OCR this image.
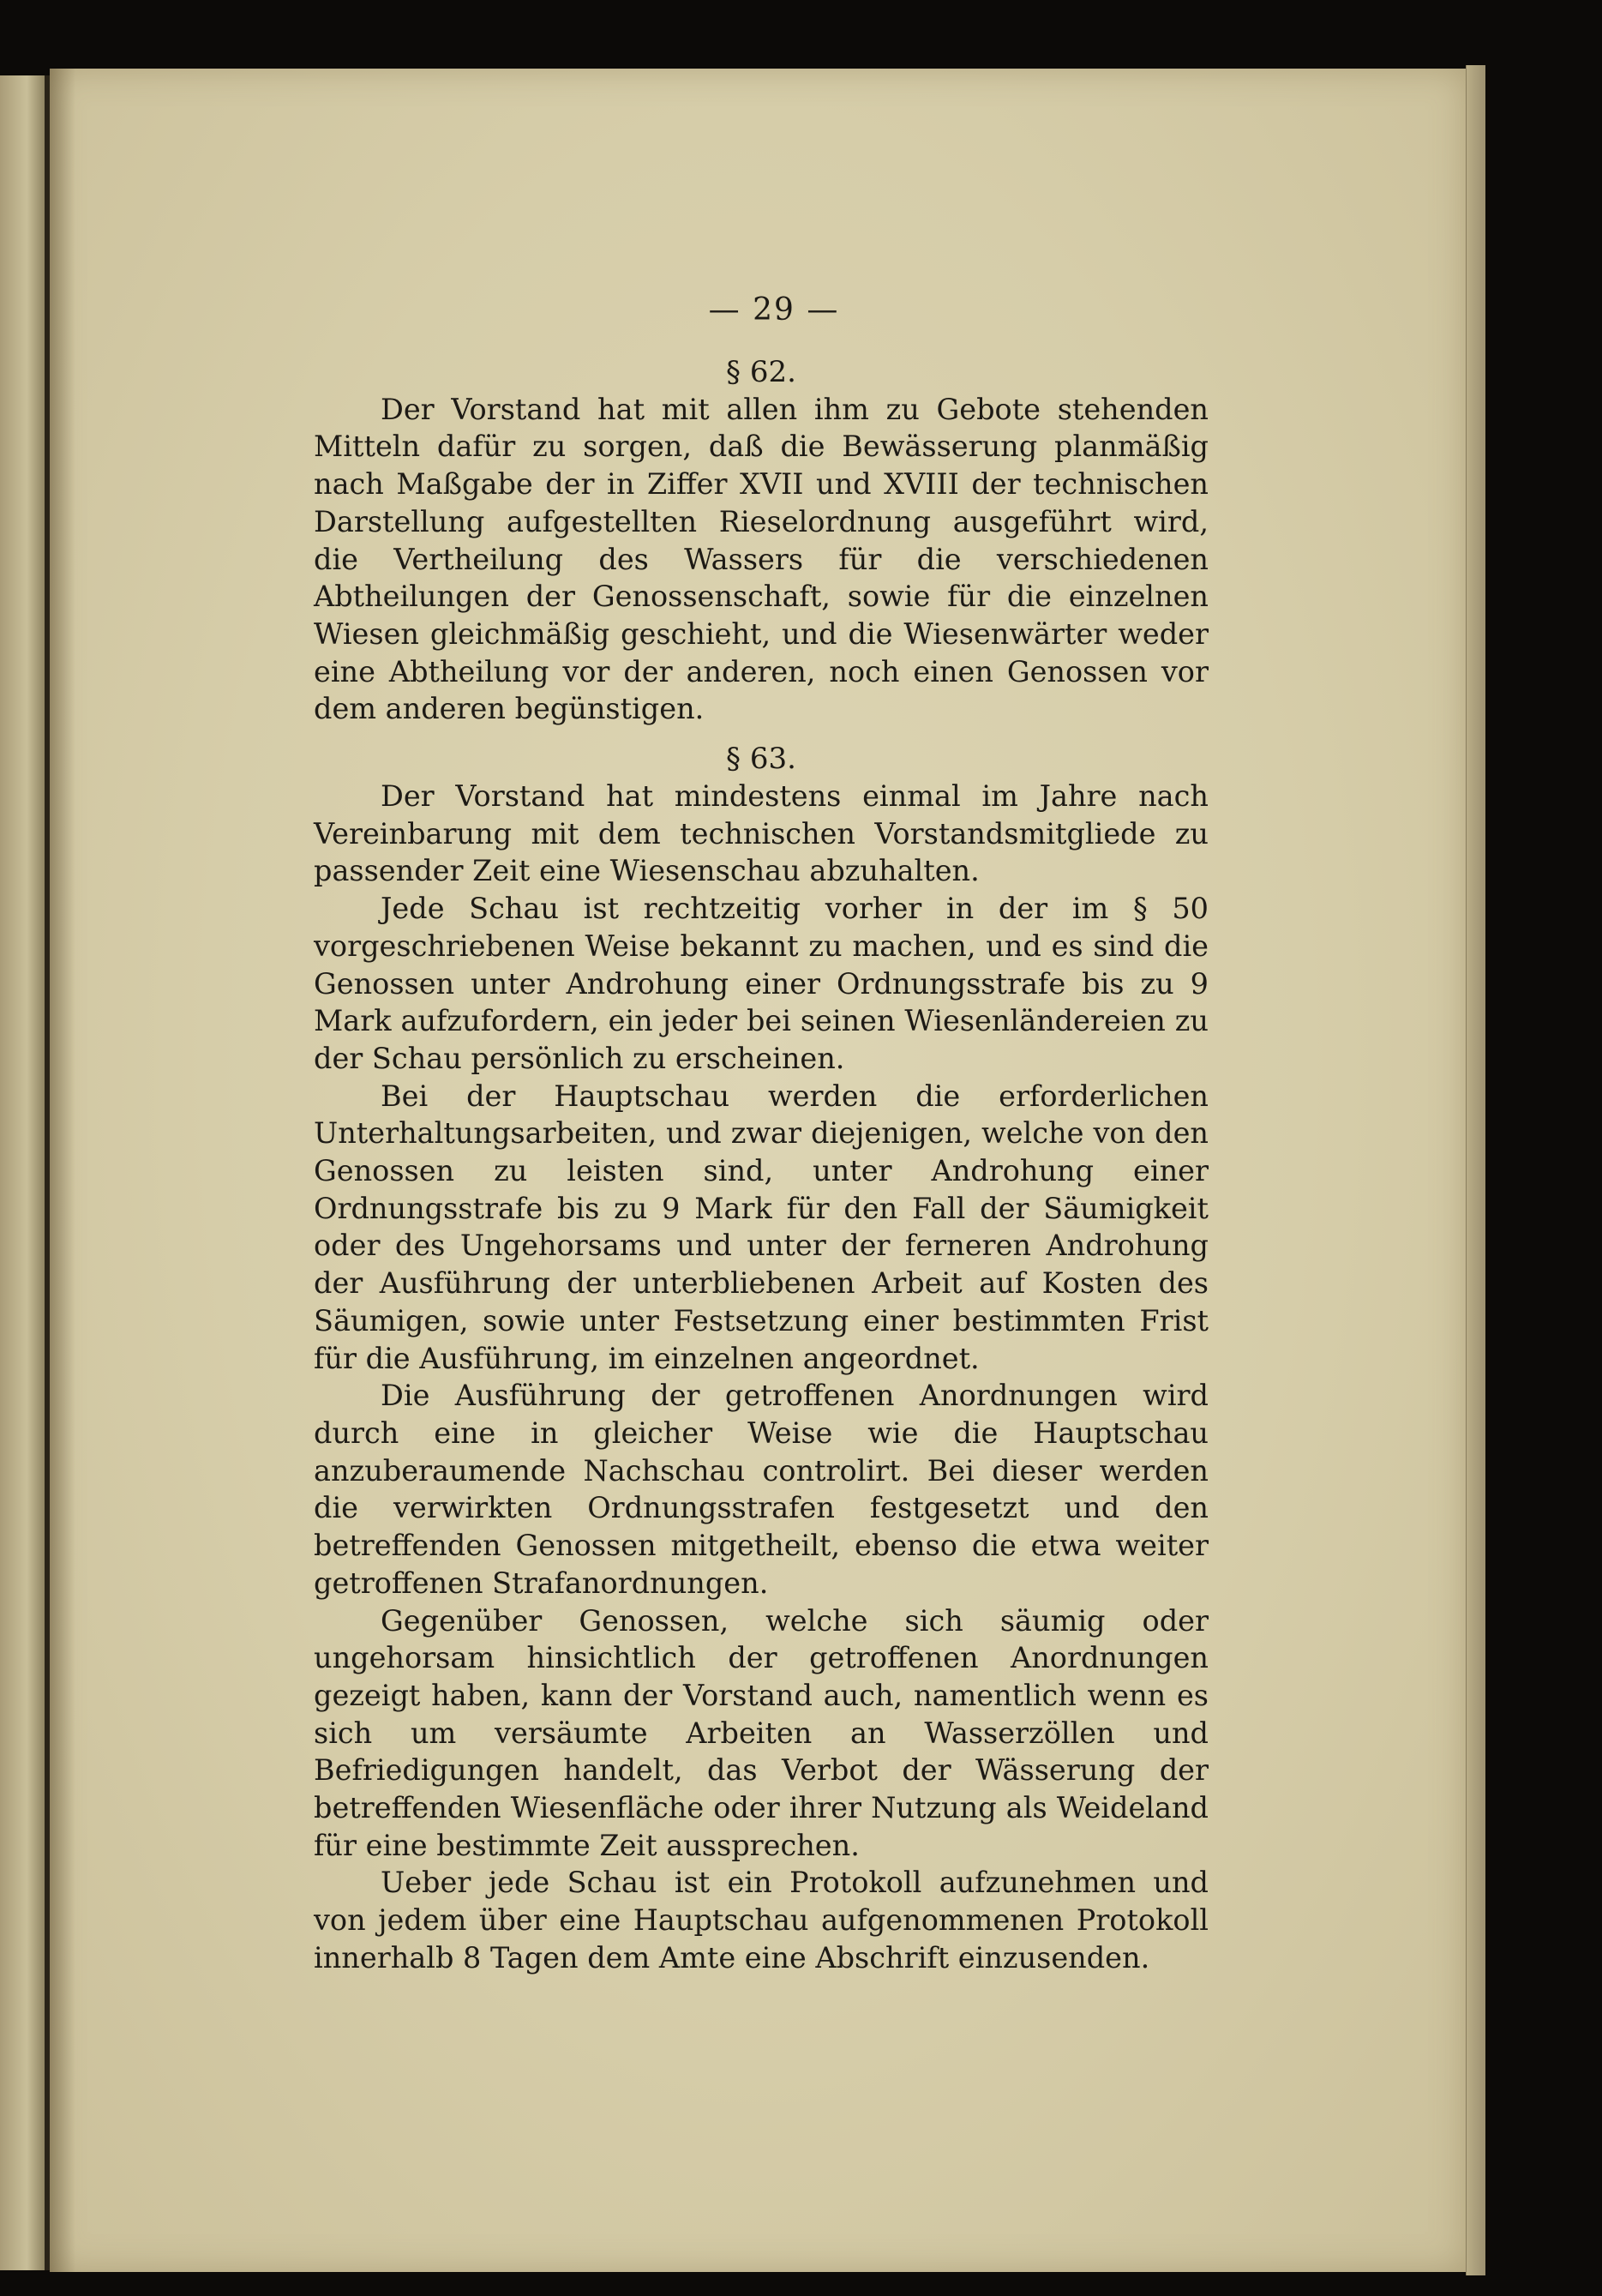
— 29 —
§ 62.

Der Vorstand hat mit allen ihm zu Gebote stehenden Mitteln dafür zu sorgen, daß die Bewässerung planmäßig nach Maßgabe der in Ziffer XVII und XVIII der technischen Darstellung aufgestellten Rieselordnung ausgeführt wird, die Vertheilung des Wassers für die verschiedenen Abtheilungen der Genossenschaft, sowie für die einzelnen Wiesen gleichmäßig geschieht, und die Wiesenwärter weder eine Abtheilung vor der anderen, noch einen Genossen vor dem anderen begünstigen.

§ 63.

Der Vorstand hat mindestens einmal im Jahre nach Vereinbarung mit dem technischen Vorstandsmitgliede zu passender Zeit eine Wiesenschau abzuhalten.

Jede Schau ist rechtzeitig vorher in der im § 50 vorgeschriebenen Weise bekannt zu machen, und es sind die Genossen unter Androhung einer Ordnungsstrafe bis zu 9 Mark aufzufordern, ein jeder bei seinen Wiesenländereien zu der Schau persönlich zu erscheinen.

Bei der Hauptschau werden die erforderlichen Unterhaltungsarbeiten, und zwar diejenigen, welche von den Genossen zu leisten sind, unter Androhung einer Ordnungsstrafe bis zu 9 Mark für den Fall der Säumigkeit oder des Ungehorsams und unter der ferneren Androhung der Ausführung der unterbliebenen Arbeit auf Kosten des Säumigen, sowie unter Festsetzung einer bestimmten Frist für die Ausführung, im einzelnen angeordnet.

Die Ausführung der getroffenen Anordnungen wird durch eine in gleicher Weise wie die Hauptschau anzuberaumende Nachschau controlirt. Bei dieser werden die verwirkten Ordnungsstrafen festgesetzt und den betreffenden Genossen mitgetheilt, ebenso die etwa weiter getroffenen Strafanordnungen.

Gegenüber Genossen, welche sich säumig oder ungehorsam hinsichtlich der getroffenen Anordnungen gezeigt haben, kann der Vorstand auch, namentlich wenn es sich um versäumte Arbeiten an Wasserzöllen und Befriedigungen handelt, das Verbot der Wässerung der betreffenden Wiesenfläche oder ihrer Nutzung als Weideland für eine bestimmte Zeit aussprechen.

Ueber jede Schau ist ein Protokoll aufzunehmen und von jedem über eine Hauptschau aufgenommenen Protokoll innerhalb 8 Tagen dem Amte eine Abschrift einzusenden.
